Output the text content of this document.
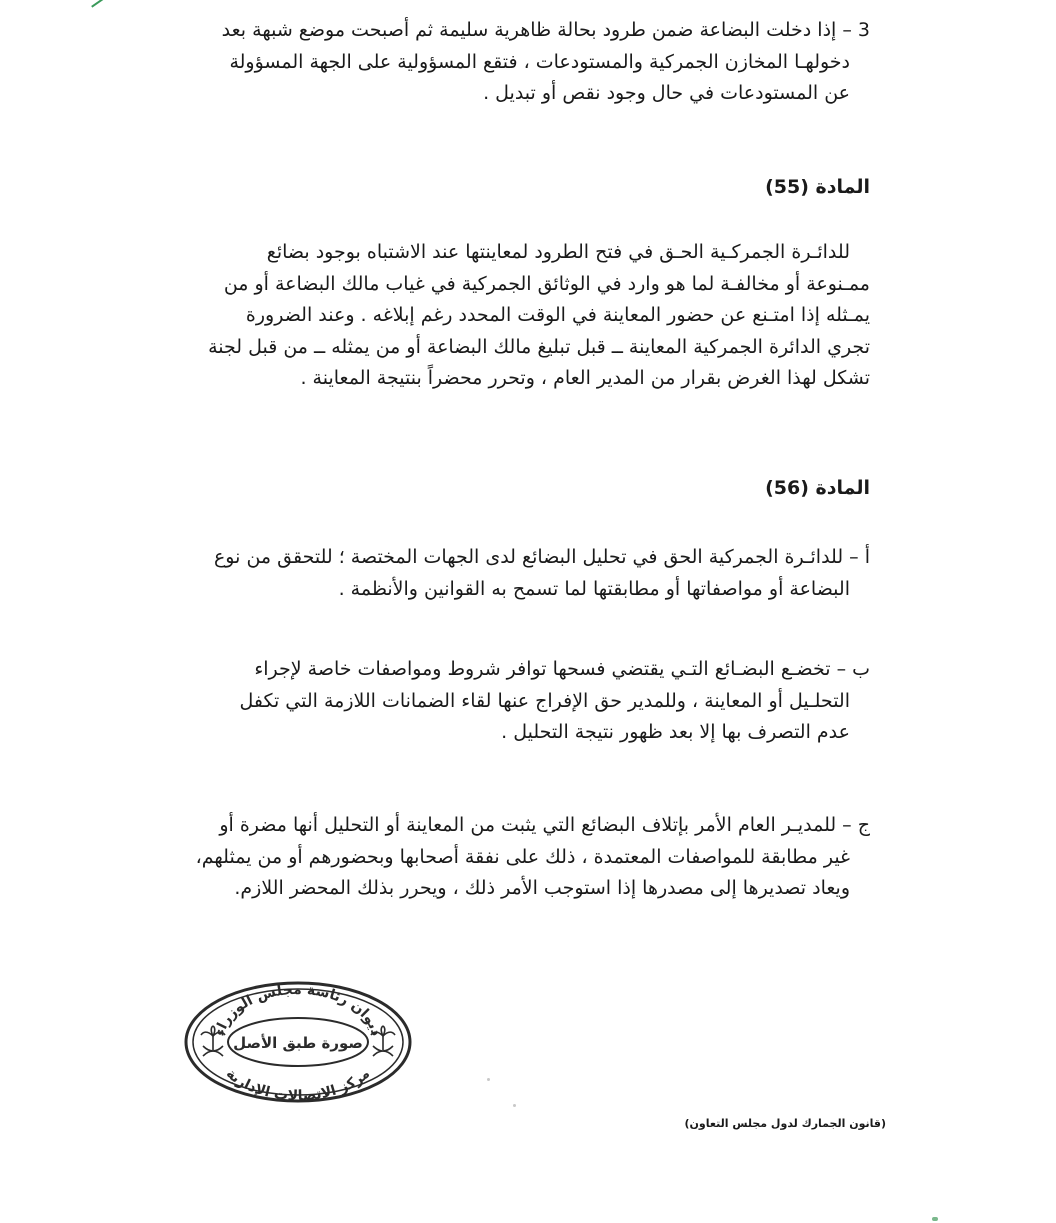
3 – إذا دخلت البضاعة ضمن طرود بحالة ظاهرية سليمة ثم أصبحت موضع شبهة بعد
دخولهـا المخازن الجمركية والمستودعات ، فتقع المسؤولية على الجهة المسؤولة
عن المستودعات في حال وجود نقص أو تبديل .
المادة (55)
للدائـرة الجمركـية الحـق في فتح الطرود لمعاينتها عند الاشتباه بوجود بضائع
ممـنوعة أو مخالفـة لما هو وارد في الوثائق الجمركية في غياب مالك البضاعة أو من
يمـثله إذا امتـنع عن حضور المعاينة في الوقت المحدد رغم إبلاغه . وعند الضرورة
تجري الدائرة الجمركية المعاينة ــ قبل تبليغ مالك البضاعة أو من يمثله ــ من قبل لجنة
تشكل لهذا الغرض بقرار من المدير العام ، وتحرر محضراً بنتيجة المعاينة .
المادة (56)
أ – للدائـرة الجمركية الحق في تحليل البضائع لدى الجهات المختصة ؛ للتحقق من نوع
البضاعة أو مواصفاتها أو مطابقتها لما تسمح به القوانين والأنظمة .
ب – تخضـع البضـائع التـي يقتضي فسحها توافر شروط ومواصفات خاصة لإجراء
التحلـيل أو المعاينة ، وللمدير حق الإفراج عنها لقاء الضمانات اللازمة التي تكفل
عدم التصرف بها إلا بعد ظهور نتيجة التحليل .
ج – للمديـر العام الأمر بإتلاف البضائع التي يثبت من المعاينة أو التحليل أنها مضرة أو
غير مطابقة للمواصفات المعتمدة ، ذلك على نفقة أصحابها وبحضورهم أو من يمثلهم،
ويعاد تصديرها إلى مصدرها إذا استوجب الأمر ذلك ، ويحرر بذلك المحضر اللازم.
ديوان رئاسة مجلس الوزراء
مركز الاتصالات الإدارية
صورة طبق الأصل
(قانون الجمارك لدول مجلس التعاون)
